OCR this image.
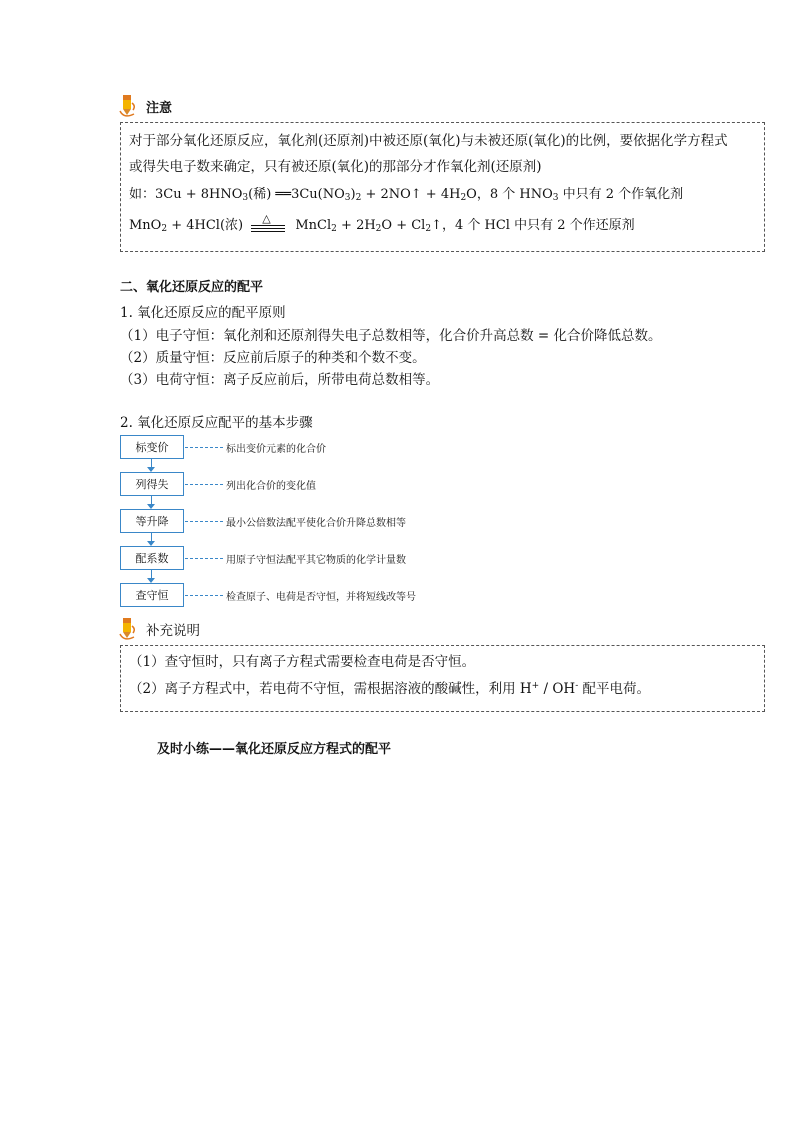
注意
对于部分氧化还原反应，氧化剂(还原剂)中被还原(氧化)与未被还原(氧化)的比例，要依据化学方程式
或得失电子数来确定，只有被还原(氧化)的那部分才作氧化剂(还原剂)
如：$3Cu + 8HNO_3$(稀) $══3Cu(NO_3)_2$ + 2NO↑ + $4H_2O$，8 个 $HNO_3$ 中只有 2 个作氧化剂
MnO$_2$ + 4HCl(浓) △ MnCl$_2$ + $2H_2O$ + $Cl_2↑$，4 个 HCl 中只有 2 个作还原剂
二、氧化还原反应的配平
1. 氧化还原反应的配平原则
（1）电子守恒：氧化剂和还原剂得失电子总数相等，化合价升高总数 = 化合价降低总数。
（2）质量守恒：反应前后原子的种类和个数不变。
（3）电荷守恒：离子反应前后，所带电荷总数相等。
2. 氧化还原反应配平的基本步骤
标变价	标出变价元素的化合价
列得失	列出化合价的变化值
等升降	最小公倍数法配平使化合价升降总数相等
配系数	用原子守恒法配平其它物质的化学计量数
查守恒	检查原子、电荷是否守恒，并将短线改等号
补充说明
（1）查守恒时，只有离子方程式需要检查电荷是否守恒。
（2）离子方程式中，若电荷不守恒，需根据溶液的酸碱性，利用 H+ / OH- 配平电荷。
及时小练——氧化还原反应方程式的配平
